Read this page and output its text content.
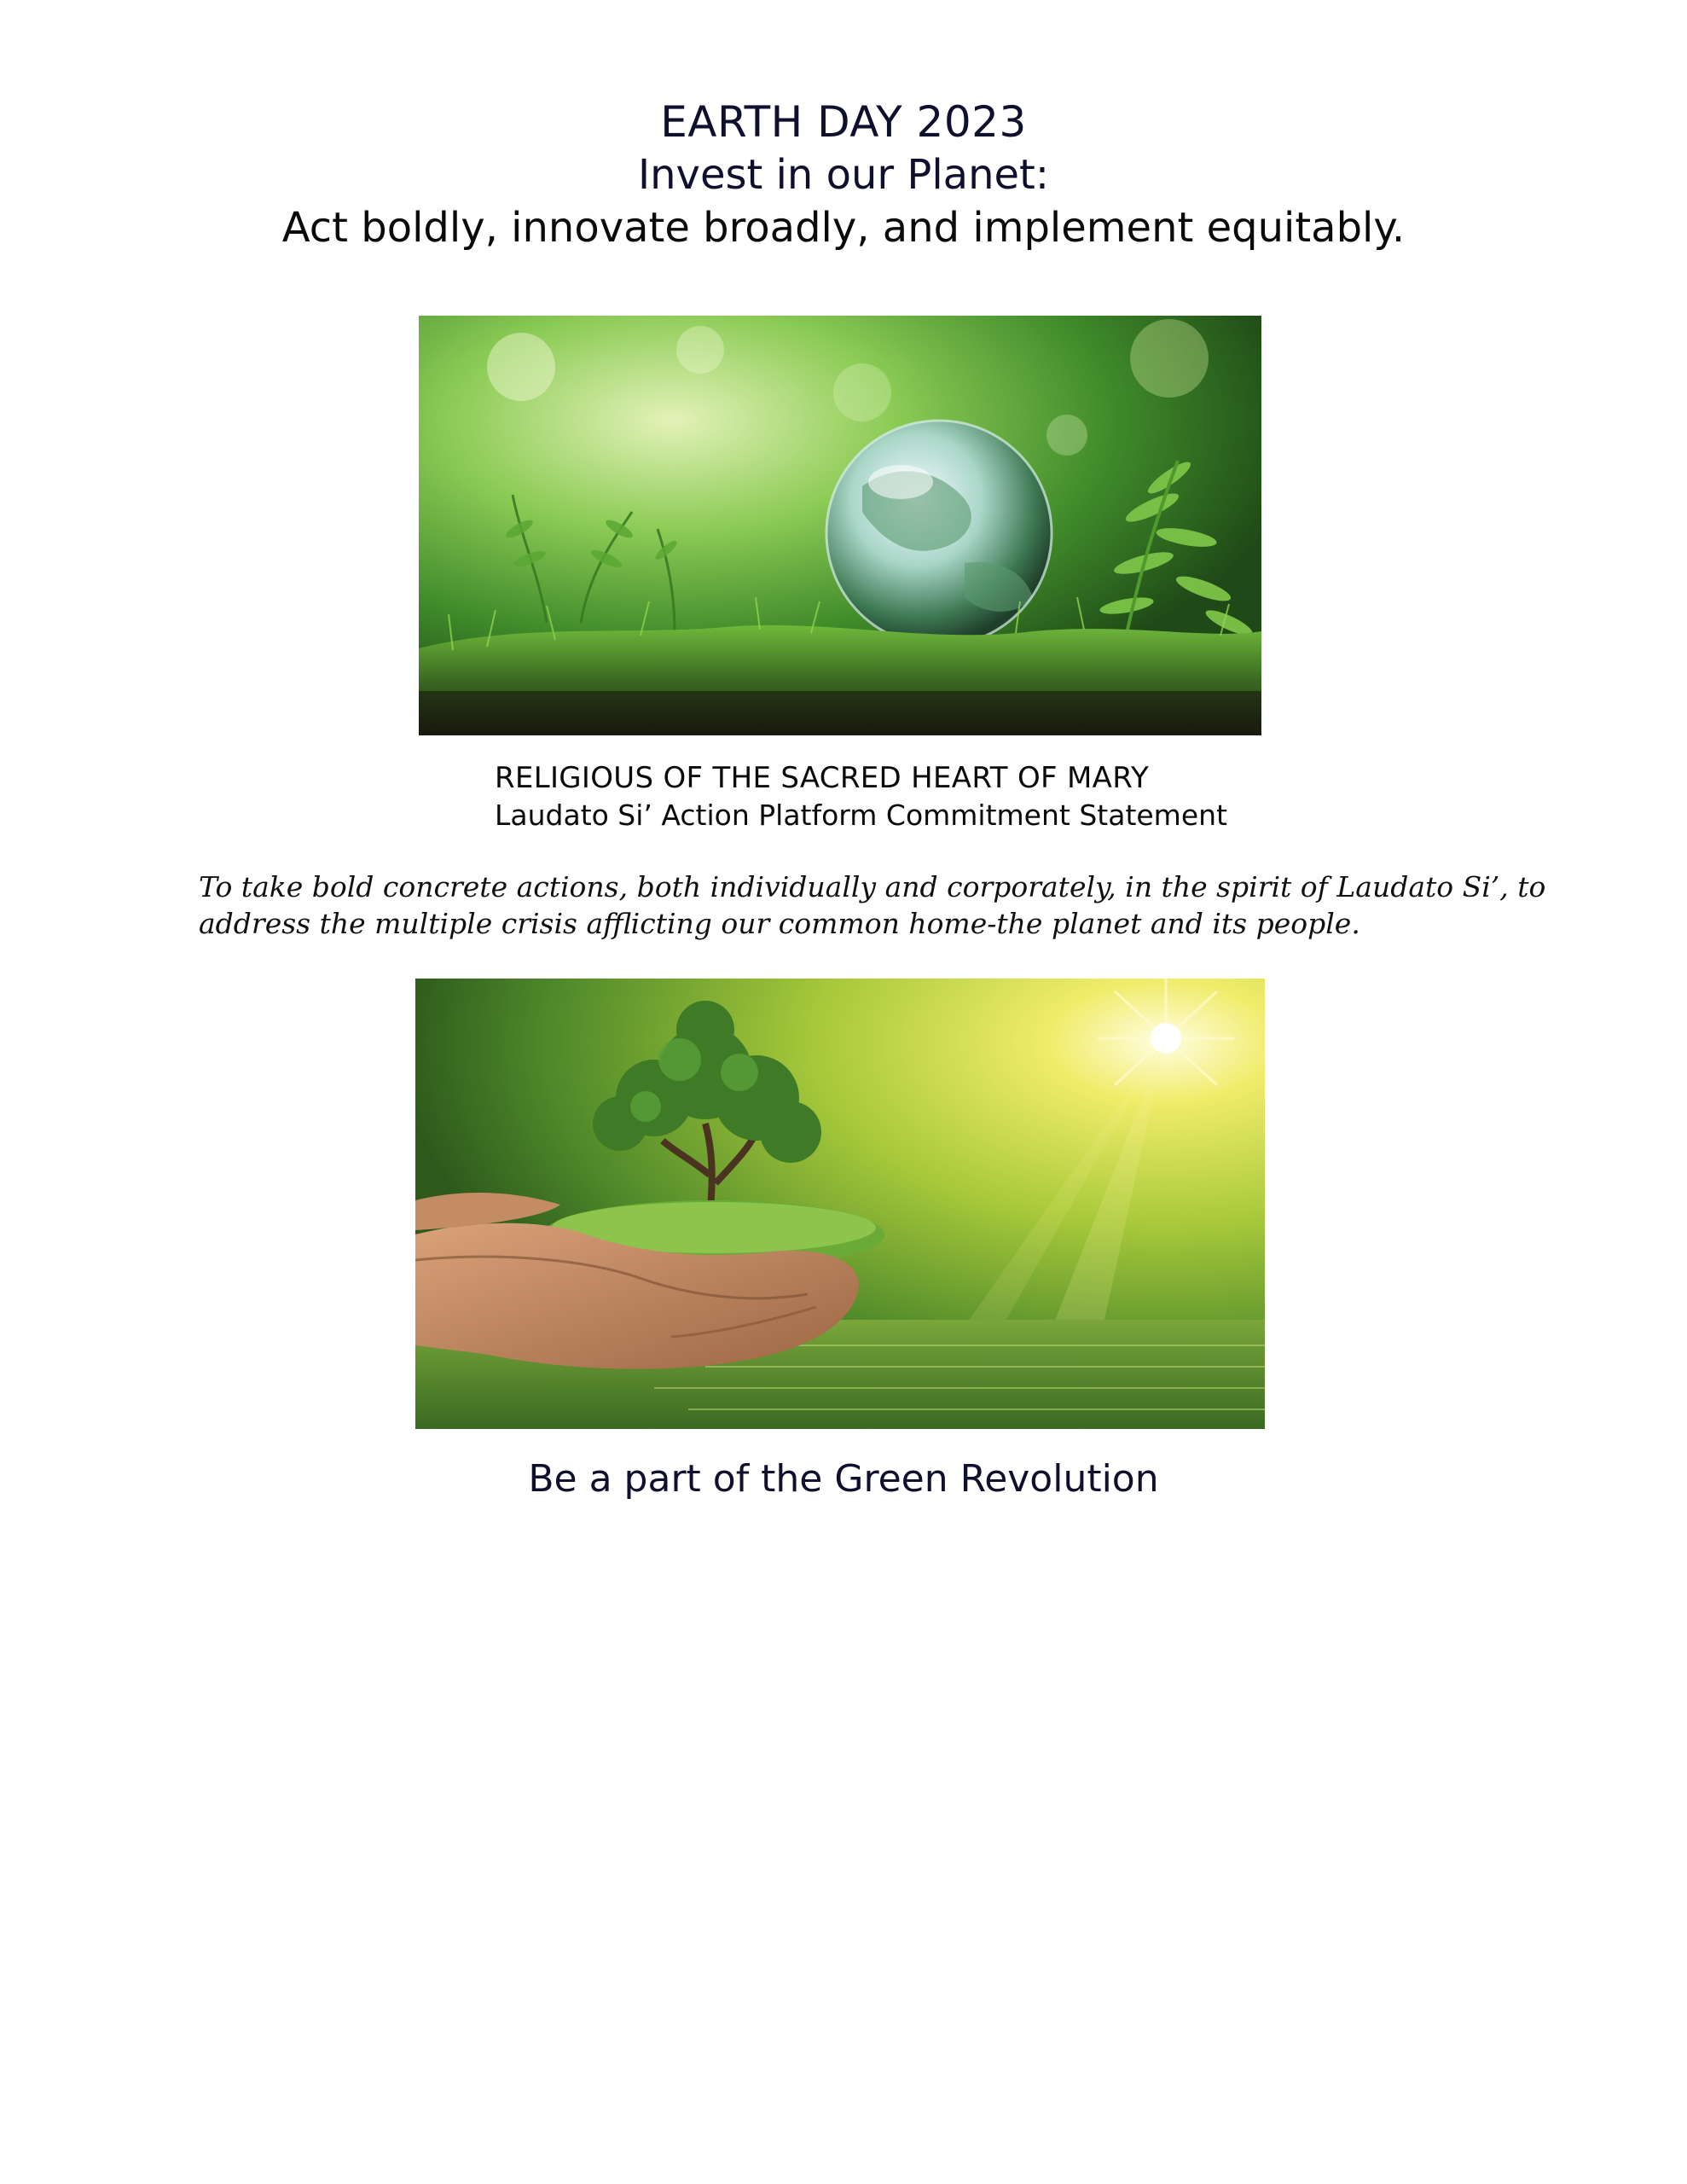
EARTH DAY 2023
Invest in our Planet:
Act boldly, innovate broadly, and implement equitably.
RELIGIOUS OF THE SACRED HEART OF MARY
Laudato Si’ Action Platform Commitment Statement
To take bold concrete actions, both individually and corporately, in the spirit of Laudato Si’, to address the multiple crisis afflicting our common home-the planet and its people.
Be a part of the Green Revolution
